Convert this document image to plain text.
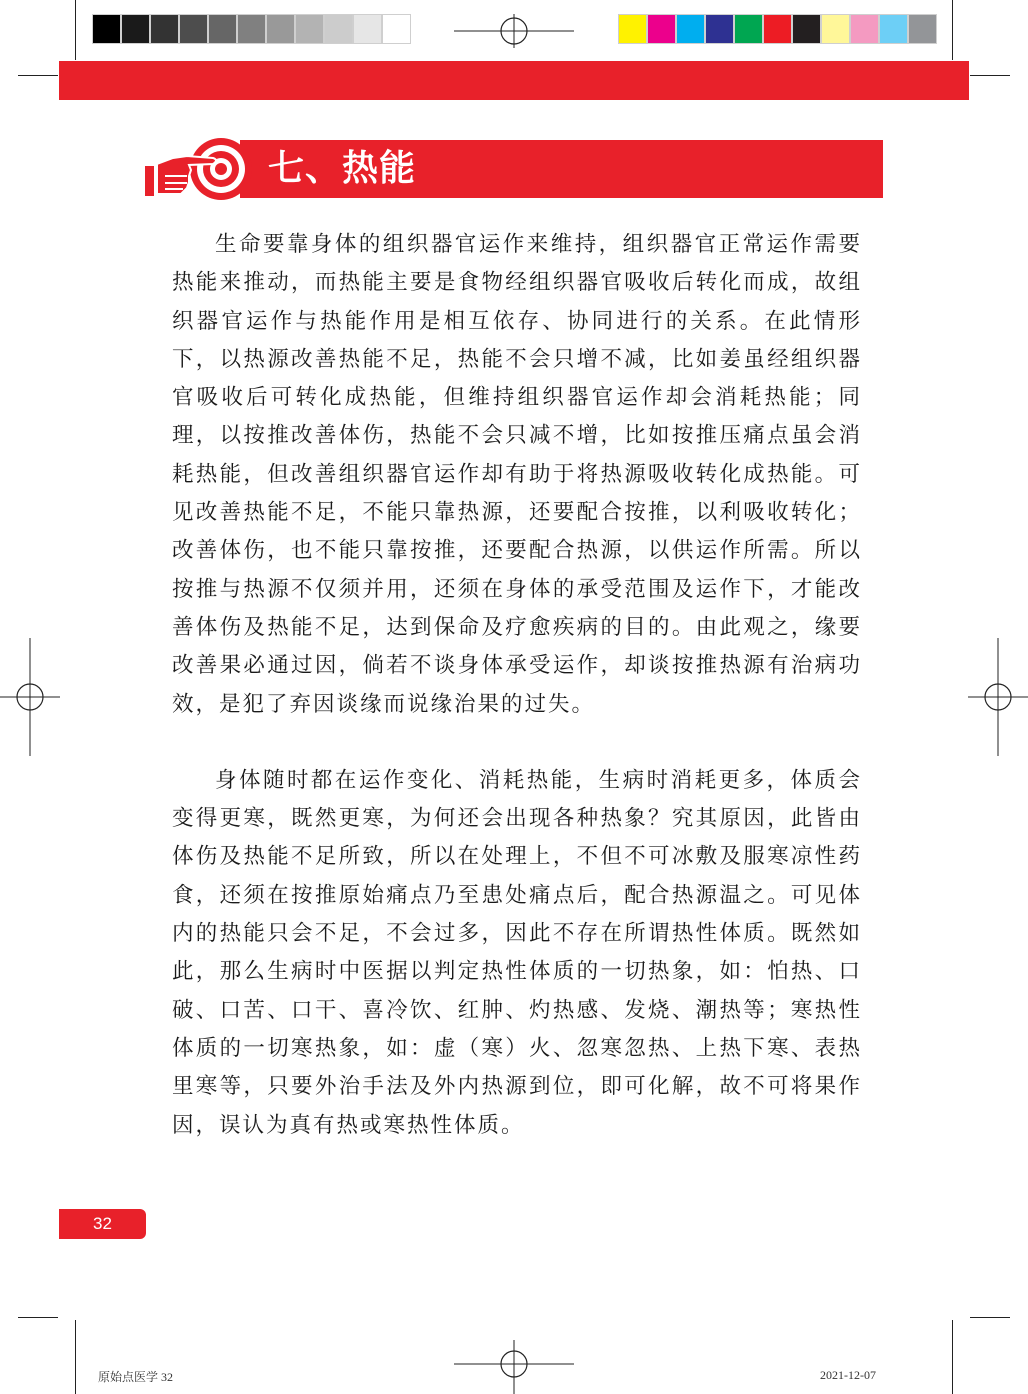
七、热能

生命要靠身体的组织器官运作来维持，组织器官正常运作需要热能来推动，而热能主要是食物经组织器官吸收后转化而成，故组织器官运作与热能作用是相互依存、协同进行的关系。在此情形下，以热源改善热能不足，热能不会只增不减，比如姜虽经组织器官吸收后可转化成热能，但维持组织器官运作却会消耗热能；同理，以按推改善体伤，热能不会只减不增，比如按推压痛点虽会消耗热能，但改善组织器官运作却有助于将热源吸收转化成热能。可见改善热能不足，不能只靠热源，还要配合按推，以利吸收转化；改善体伤，也不能只靠按推，还要配合热源，以供运作所需。所以按推与热源不仅须并用，还须在身体的承受范围及运作下，才能改善体伤及热能不足，达到保命及疗愈疾病的目的。由此观之，缘要改善果必通过因，倘若不谈身体承受运作，却谈按推热源有治病功效，是犯了弃因谈缘而说缘治果的过失。

身体随时都在运作变化、消耗热能，生病时消耗更多，体质会变得更寒，既然更寒，为何还会出现各种热象？究其原因，此皆由体伤及热能不足所致，所以在处理上，不但不可冰敷及服寒凉性药食，还须在按推原始痛点乃至患处痛点后，配合热源温之。可见体内的热能只会不足，不会过多，因此不存在所谓热性体质。既然如此，那么生病时中医据以判定热性体质的一切热象，如：怕热、口破、口苦、口干、喜冷饮、红肿、灼热感、发烧、潮热等；寒热性体质的一切寒热象，如：虚（寒）火、忽寒忽热、上热下寒、表热里寒等，只要外治手法及外内热源到位，即可化解，故不可将果作因，误认为真有热或寒热性体质。

32
原始点医学 32	2021-12-07
